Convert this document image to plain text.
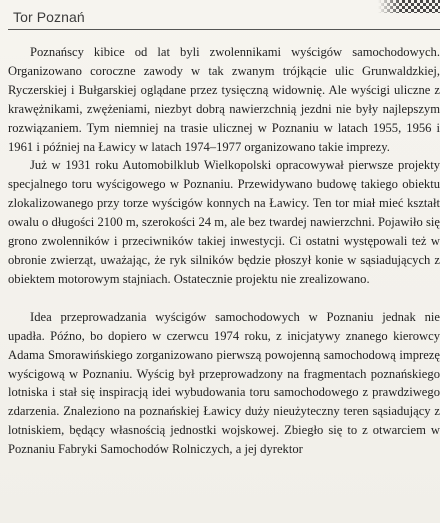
Tor Poznań

Poznańscy kibice od lat byli zwolennikami wyścigów samochodowych. Organizowano coroczne zawody w tak zwanym trójkącie ulic Grunwaldzkiej, Ryczerskiej i Bułgarskiej oglądane przez tysięczną widownię. Ale wyścigi uliczne z krawężnikami, zwężeniami, niezbyt dobrą nawierzchnią jezdni nie były najlepszym rozwiązaniem. Tym niemniej na trasie ulicznej w Poznaniu w latach 1955, 1956 i 1961 i później na Ławicy w latach 1974–1977 organizowano takie imprezy.

Już w 1931 roku Automobilklub Wielkopolski opracowywał pierwsze projekty specjalnego toru wyścigowego w Poznaniu. Przewidywano budowę takiego obiektu zlokalizowanego przy torze wyścigów konnych na Ławicy. Ten tor miał mieć kształt owalu o długości 2100 m, szerokości 24 m, ale bez twardej nawierzchni. Pojawiło się grono zwolenników i przeciwników takiej inwestycji. Ci ostatni występowali też w obronie zwierząt, uważając, że ryk silników będzie płoszył konie w sąsiadujących z obiektem motorowym stajniach. Ostatecznie projektu nie zrealizowano.

Idea przeprowadzania wyścigów samochodowych w Poznaniu jednak nie upadła. Późno, bo dopiero w czerwcu 1974 roku, z inicjatywy znanego kierowcy Adama Smorawińskiego zorganizowano pierwszą powojenną samochodową imprezę wyścigową w Poznaniu. Wyścig był przeprowadzony na fragmentach poznańskiego lotniska i stał się inspiracją idei wybudowania toru samochodowego z prawdziwego zdarzenia. Znaleziono na poznańskiej Ławicy duży nieużyteczny teren sąsiadujący z lotniskiem, będący własnością jednostki wojskowej. Zbiegło się to z otwarciem w Poznaniu Fabryki Samochodów Rolniczych, a jej dyrektor
